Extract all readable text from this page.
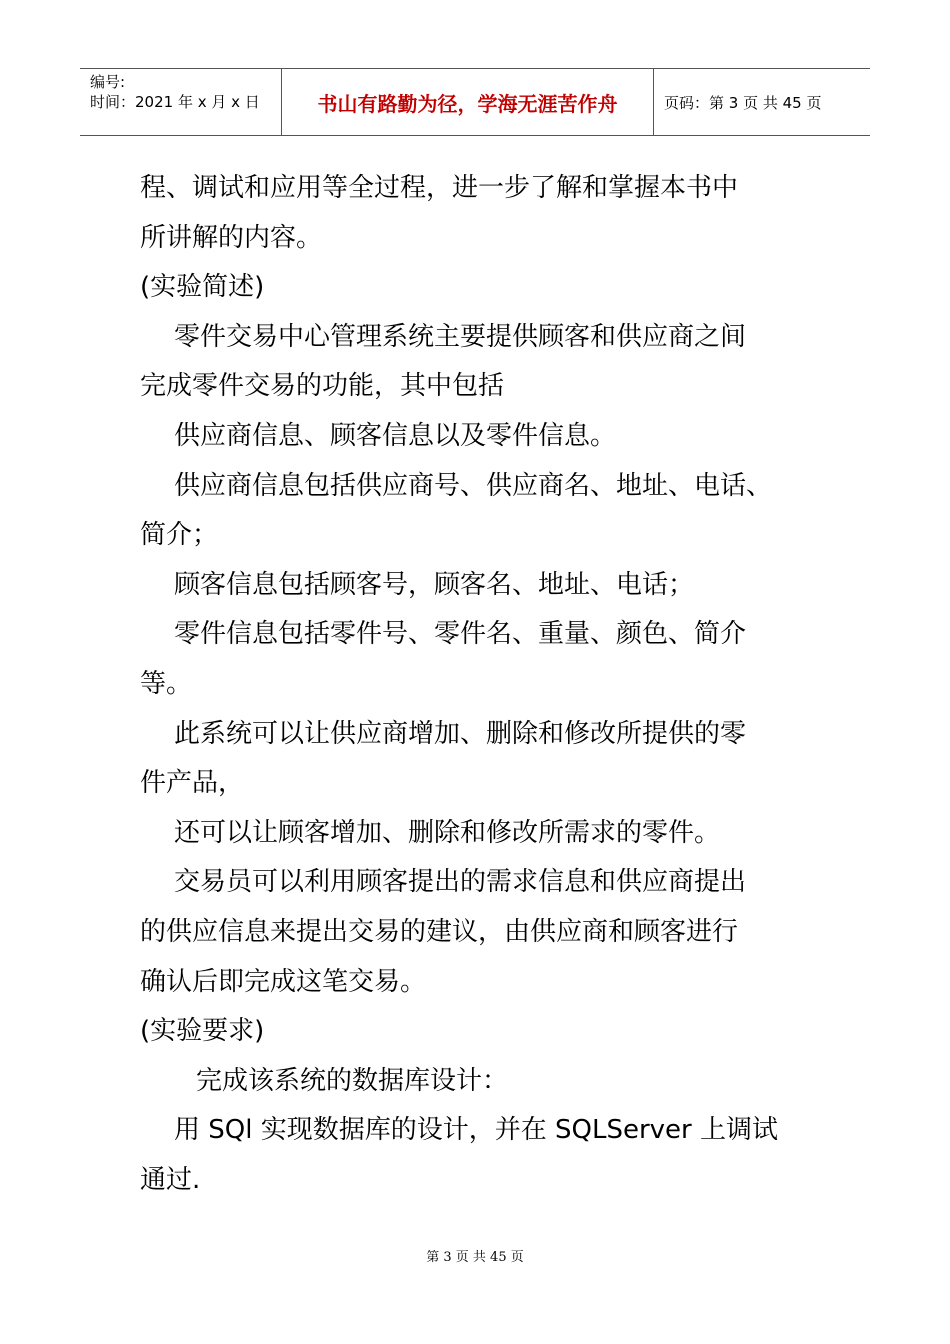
编号:
时间：2021 年 x 月 x 日	书山有路勤为径，学海无涯苦作舟	页码：第 3 页 共 45 页

程、调试和应用等全过程，进一步了解和掌握本书中

所讲解的内容。

(实验简述)

零件交易中心管理系统主要提供顾客和供应商之间

完成零件交易的功能，其中包括

供应商信息、顾客信息以及零件信息。

供应商信息包括供应商号、供应商名、地址、电话、

简介；

顾客信息包括顾客号，顾客名、地址、电话；

零件信息包括零件号、零件名、重量、颜色、简介

等。

此系统可以让供应商增加、删除和修改所提供的零

件产品，

还可以让顾客增加、删除和修改所需求的零件。

交易员可以利用顾客提出的需求信息和供应商提出

的供应信息来提出交易的建议，由供应商和顾客进行

确认后即完成这笔交易。

(实验要求)

完成该系统的数据库设计：

用 SQl 实现数据库的设计，并在 SQLServer 上调试

通过.

第 3 页 共 45 页
